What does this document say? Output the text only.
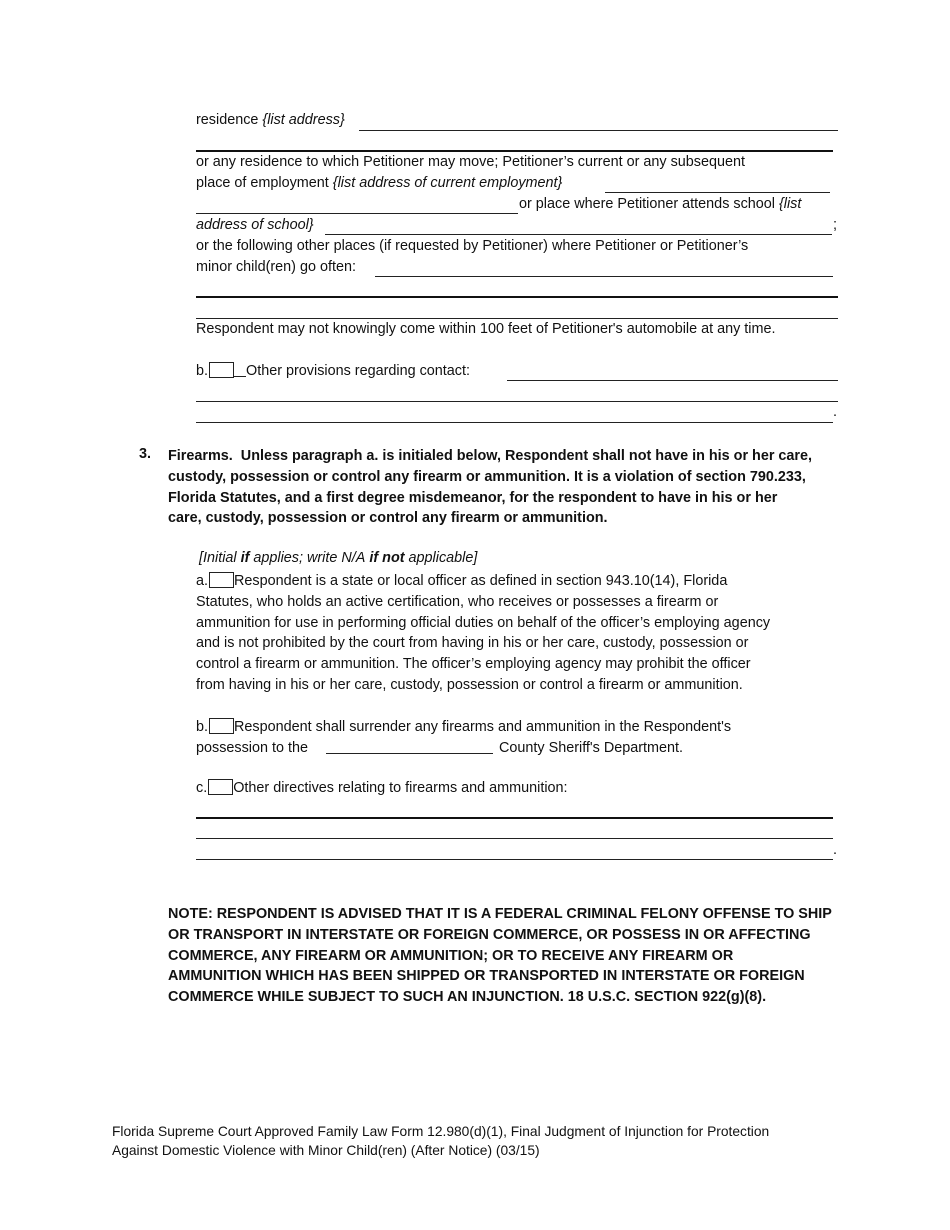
residence {list address}
or any residence to which Petitioner may move; Petitioner’s current or any subsequent
place of employment {list address of current employment}
or place where Petitioner attends school {list
address of school}	;
or the following other places (if requested by Petitioner) where Petitioner or Petitioner’s
minor child(ren) go often:
Respondent may not knowingly come within 100 feet of Petitioner's automobile at any time.
b.	Other provisions regarding contact:
.
3. Firearms. Unless paragraph a. is initialed below, Respondent shall not have in his or her care,
custody, possession or control any firearm or ammunition. It is a violation of section 790.233,
Florida Statutes, and a first degree misdemeanor, for the respondent to have in his or her
care, custody, possession or control any firearm or ammunition.
[Initial if applies; write N/A if not applicable]
a. Respondent is a state or local officer as defined in section 943.10(14), Florida
Statutes, who holds an active certification, who receives or possesses a firearm or
ammunition for use in performing official duties on behalf of the officer’s employing agency
and is not prohibited by the court from having in his or her care, custody, possession or
control a firearm or ammunition. The officer’s employing agency may prohibit the officer
from having in his or her care, custody, possession or control a firearm or ammunition.
b. Respondent shall surrender any firearms and ammunition in the Respondent's
possession to the	County Sheriff's Department.
c. Other directives relating to firearms and ammunition:
.
NOTE: RESPONDENT IS ADVISED THAT IT IS A FEDERAL CRIMINAL FELONY OFFENSE TO SHIP
OR TRANSPORT IN INTERSTATE OR FOREIGN COMMERCE, OR POSSESS IN OR AFFECTING
COMMERCE, ANY FIREARM OR AMMUNITION; OR TO RECEIVE ANY FIREARM OR
AMMUNITION WHICH HAS BEEN SHIPPED OR TRANSPORTED IN INTERSTATE OR FOREIGN
COMMERCE WHILE SUBJECT TO SUCH AN INJUNCTION. 18 U.S.C. SECTION 922(g)(8).
Florida Supreme Court Approved Family Law Form 12.980(d)(1), Final Judgment of Injunction for Protection
Against Domestic Violence with Minor Child(ren) (After Notice) (03/15)
